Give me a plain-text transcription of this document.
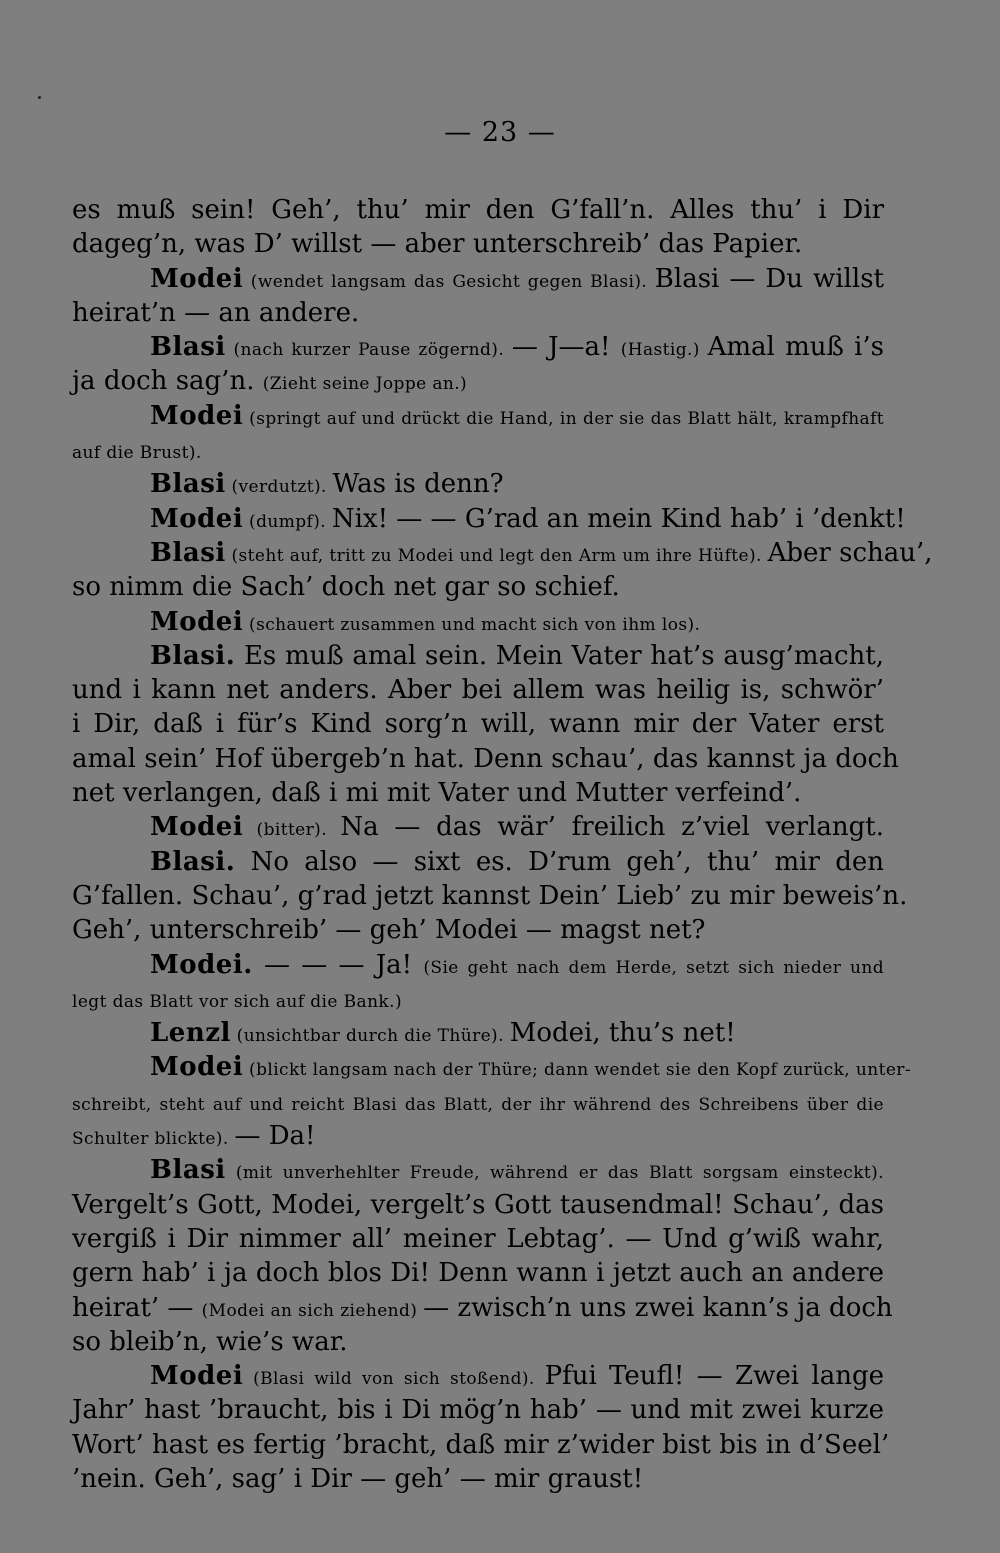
— 23 —
es muß sein! Geh’, thu’ mir den G’fall’n. Alles thu’ i Dir
dageg’n, was D’ willst — aber unterschreib’ das Papier.
Modei (wendet langsam das Gesicht gegen Blasi). Blasi — Du willst
heirat’n — an andere.
Blasi (nach kurzer Pause zögernd). — J—a! (Hastig.) Amal muß i’s
ja doch sag’n. (Zieht seine Joppe an.)
Modei (springt auf und drückt die Hand, in der sie das Blatt hält, krampfhaft
auf die Brust).
Blasi (verdutzt). Was is denn?
Modei (dumpf). Nix! — — G’rad an mein Kind hab’ i ’denkt!
Blasi (steht auf, tritt zu Modei und legt den Arm um ihre Hüfte). Aber schau’,
so nimm die Sach’ doch net gar so schief.
Modei (schauert zusammen und macht sich von ihm los).
Blasi. Es muß amal sein. Mein Vater hat’s ausg’macht,
und i kann net anders. Aber bei allem was heilig is, schwör’
i Dir, daß i für’s Kind sorg’n will, wann mir der Vater erst
amal sein’ Hof übergeb’n hat. Denn schau’, das kannst ja doch
net verlangen, daß i mi mit Vater und Mutter verfeind’.
Modei (bitter). Na — das wär’ freilich z’viel verlangt.
Blasi. No also — sixt es. D’rum geh’, thu’ mir den
G’fallen. Schau’, g’rad jetzt kannst Dein’ Lieb’ zu mir beweis’n.
Geh’, unterschreib’ — geh’ Modei — magst net?
Modei. — — — Ja! (Sie geht nach dem Herde, setzt sich nieder und
legt das Blatt vor sich auf die Bank.)
Lenzl (unsichtbar durch die Thüre). Modei, thu’s net!
Modei (blickt langsam nach der Thüre; dann wendet sie den Kopf zurück, unter-
schreibt, steht auf und reicht Blasi das Blatt, der ihr während des Schreibens über die
Schulter blickte). — Da!
Blasi (mit unverhehlter Freude, während er das Blatt sorgsam einsteckt).
Vergelt’s Gott, Modei, vergelt’s Gott tausendmal! Schau’, das
vergiß i Dir nimmer all’ meiner Lebtag’. — Und g’wiß wahr,
gern hab’ i ja doch blos Di! Denn wann i jetzt auch an andere
heirat’ — (Modei an sich ziehend) — zwisch’n uns zwei kann’s ja doch
so bleib’n, wie’s war.
Modei (Blasi wild von sich stoßend). Pfui Teufl! — Zwei lange
Jahr’ hast ’braucht, bis i Di mög’n hab’ — und mit zwei kurze
Wort’ hast es fertig ’bracht, daß mir z’wider bist bis in d’Seel’
’nein. Geh’, sag’ i Dir — geh’ — mir graust!
